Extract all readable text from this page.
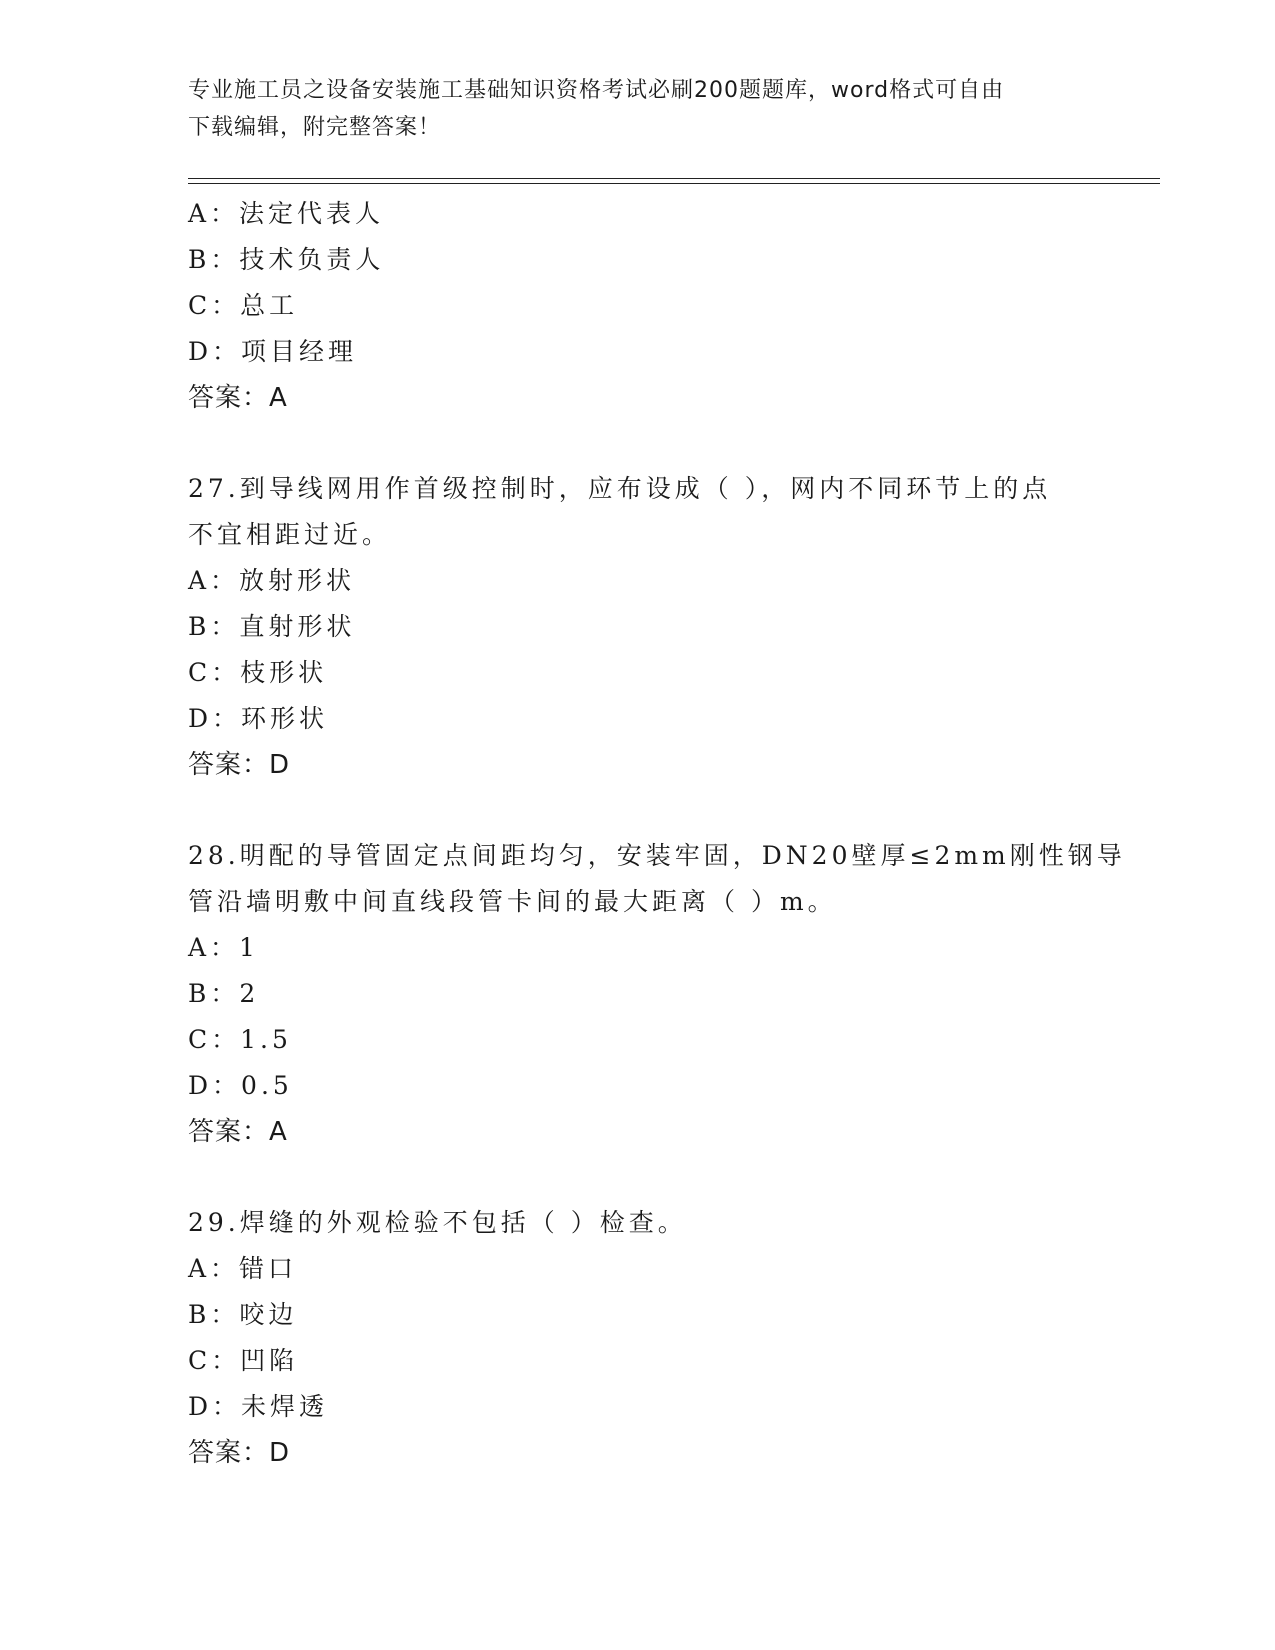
专业施工员之设备安装施工基础知识资格考试必刷200题题库，word格式可自由
下载编辑，附完整答案！
A：法定代表人
B：技术负责人
C：总工
D：项目经理
答案：A
27.到导线网用作首级控制时，应布设成（ ），网内不同环节上的点
不宜相距过近。
A：放射形状
B：直射形状
C：枝形状
D：环形状
答案：D
28.明配的导管固定点间距均匀，安装牢固，DN20壁厚≤2mm刚性钢导
管沿墙明敷中间直线段管卡间的最大距离（ ）m。
A：1
B：2
C：1.5
D：0.5
答案：A
29.焊缝的外观检验不包括（ ）检查。
A：错口
B：咬边
C：凹陷
D：未焊透
答案：D
